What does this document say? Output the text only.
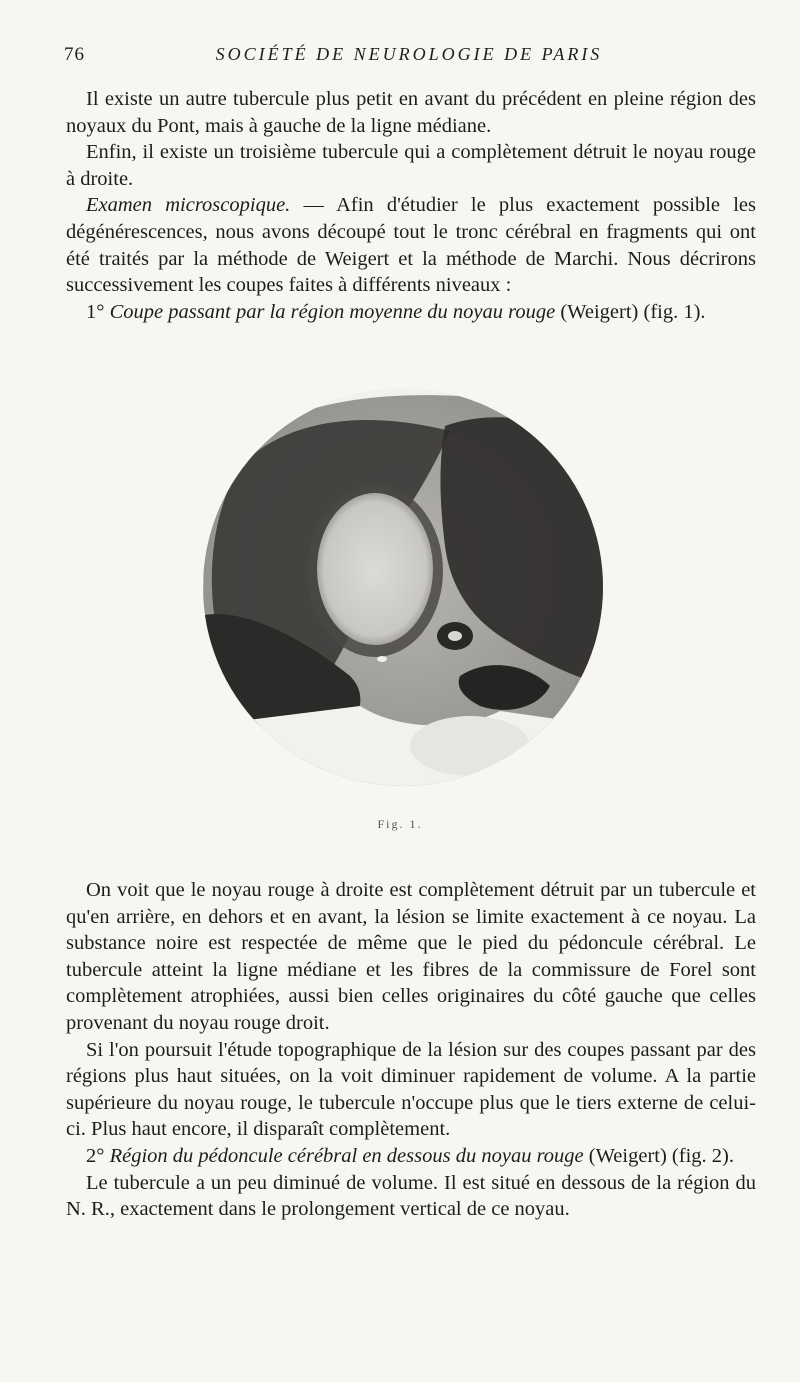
76	SOCIÉTÉ DE NEUROLOGIE DE PARIS

Il existe un autre tubercule plus petit en avant du précédent en pleine région des noyaux du Pont, mais à gauche de la ligne médiane.

Enfin, il existe un troisième tubercule qui a complètement détruit le noyau rouge à droite.

Examen microscopique. — Afin d'étudier le plus exactement possible les dégénérescences, nous avons découpé tout le tronc cérébral en fragments qui ont été traités par la méthode de Weigert et la méthode de Marchi. Nous décrirons successivement les coupes faites à différents niveaux :

1° Coupe passant par la région moyenne du noyau rouge (Weigert) (fig. 1).

Fig. 1.

On voit que le noyau rouge à droite est complètement détruit par un tubercule et qu'en arrière, en dehors et en avant, la lésion se limite exactement à ce noyau. La substance noire est respectée de même que le pied du pédoncule cérébral. Le tubercule atteint la ligne médiane et les fibres de la commissure de Forel sont complètement atrophiées, aussi bien celles originaires du côté gauche que celles provenant du noyau rouge droit.

Si l'on poursuit l'étude topographique de la lésion sur des coupes passant par des régions plus haut situées, on la voit diminuer rapidement de volume. A la partie supérieure du noyau rouge, le tubercule n'occupe plus que le tiers externe de celui-ci. Plus haut encore, il disparaît complètement.

2° Région du pédoncule cérébral en dessous du noyau rouge (Weigert) (fig. 2).

Le tubercule a un peu diminué de volume. Il est situé en dessous de la région du N. R., exactement dans le prolongement vertical de ce noyau.
